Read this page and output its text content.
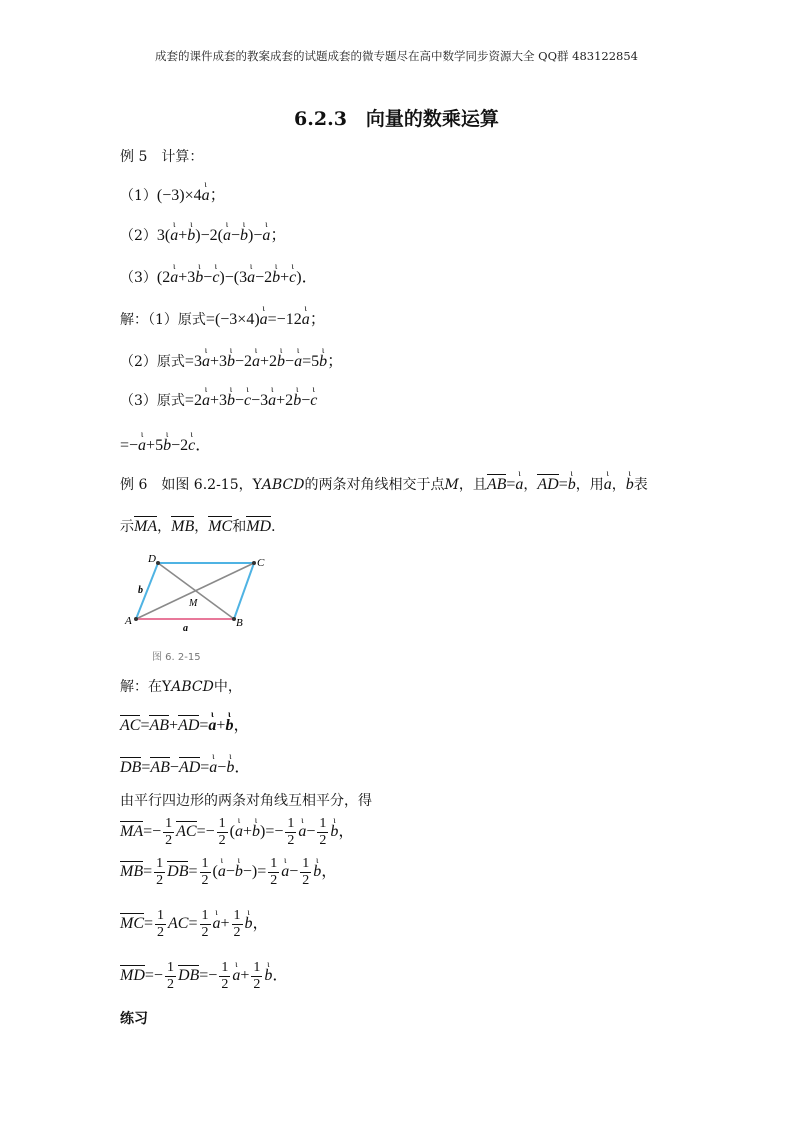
成套的课件成套的教案成套的试题成套的微专题尽在高中数学同步资源大全 QQ群 483122854
6.2.3　向量的数乘运算
例 5　计算：
（1）(−3)×4ι a；
（2）3(ι a+ι b)−2(ι a−ι b)−ι a；
（3）(2ι a+3ι b−ι c)−(3ι a−2ι b+ι c)．
解：（1）原式=(−3×4)ι a=−12ι a；
（2）原式=3ι a+3ι b−2ι a+2ι b−ι a=5ι b；
（3）原式=2ι a+3ι b−ι c−3ι a+2ι b−ι c
=−ι a+5ι b−2ι c．
例 6　如图 6.2-15，YABCD的两条对角线相交于点M，且AB=ι a，AD=ι b，用ι a，ι b表
示MA，MB，MC和MD．
A	B
C
D
M
a
b
图 6. 2-15
解：在YABCD中，
AC=AB+AD=ι a+ι b，
DB=AB−AD=ι a−ι b．
由平行四边形的两条对角线互相平分，得
$MA=- \frac{1}{2} AC=- \frac{1}{2} (\iota$ a+ι $b)=- \frac{1}{2}$ ι $a- \frac{1}{2}$ ι b，
$MB= \frac{1}{2} DB= \frac{1}{2} (\iota$ a−ι $b-)= \frac{1}{2}$ ι $a- \frac{1}{2}$ ι b，
$MC= \frac{1}{2} AC= \frac{1}{2}$ ι $a+ \frac{1}{2}$ ι b，
$MD=- \frac{1}{2} DB=- \frac{1}{2}$ ι $a+ \frac{1}{2}$ ι b．
练习
